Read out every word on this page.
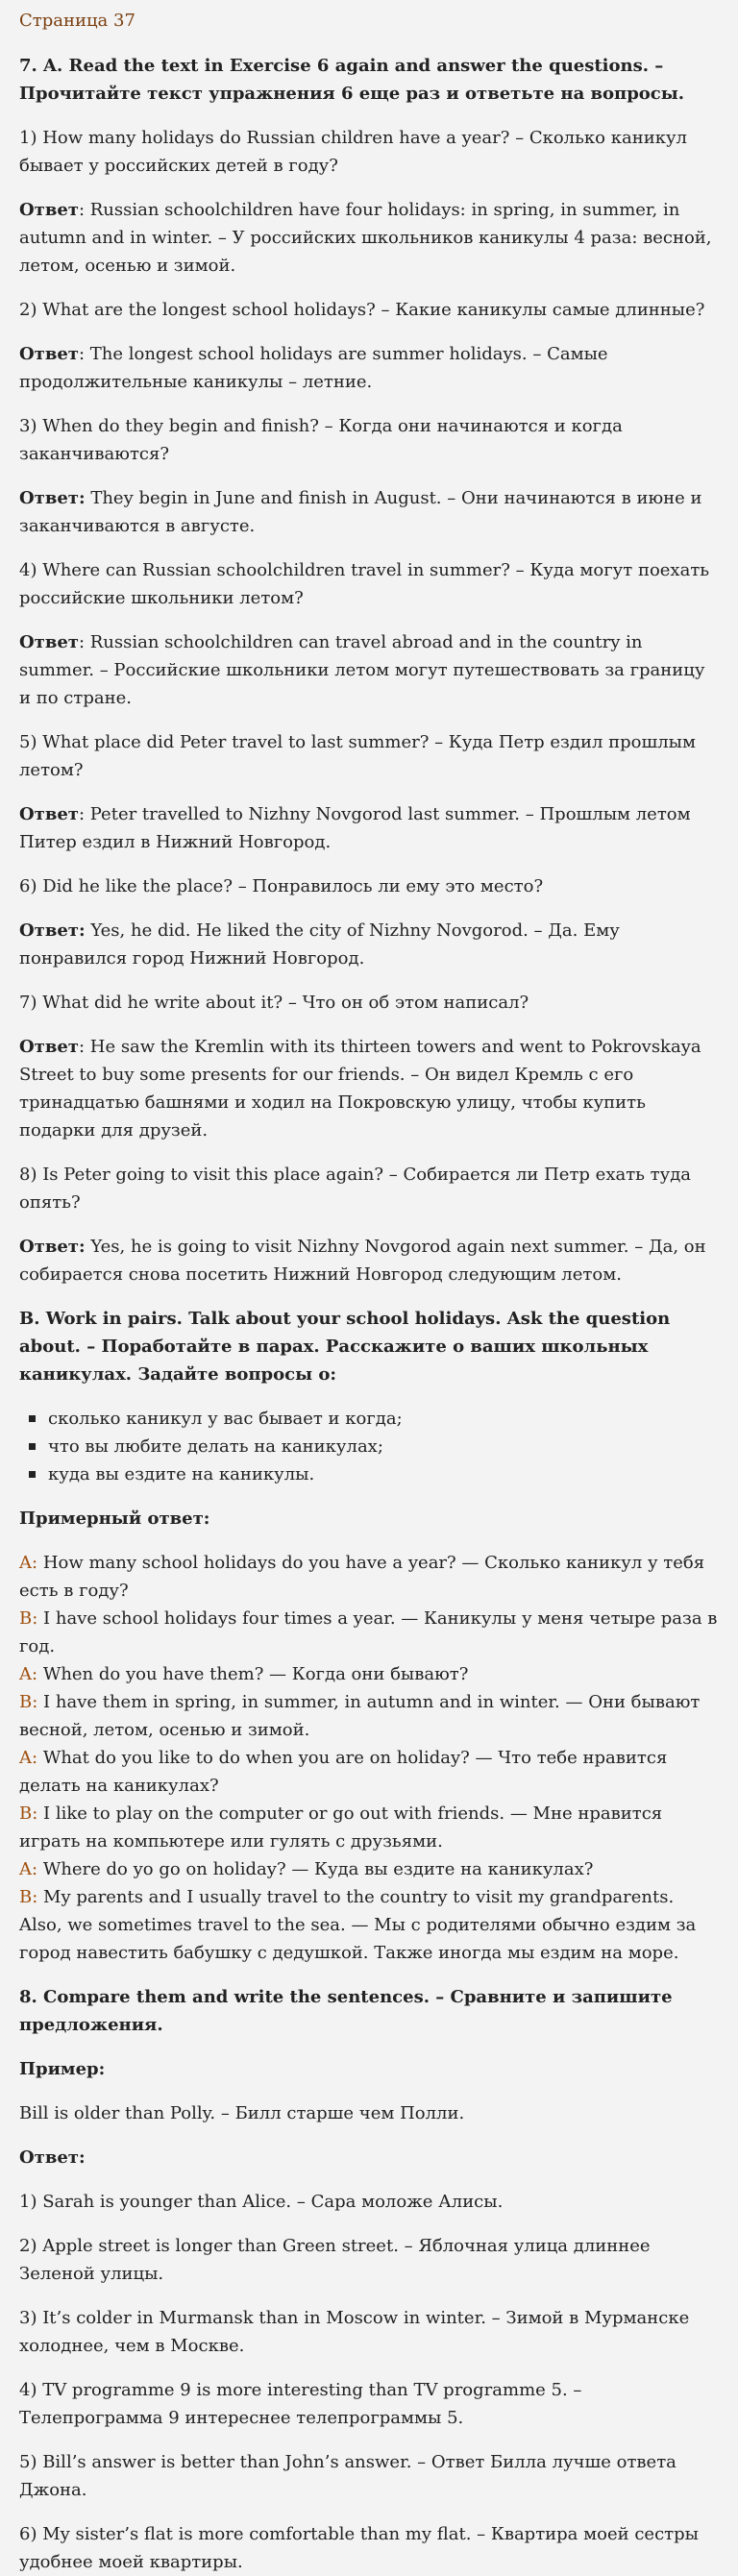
Страница 37
7. A. Read the text in Exercise 6 again and answer the questions. – Прочитайте текст упражнения 6 еще раз и ответьте на вопросы.

1) How many holidays do Russian children have a year? – Сколько каникул бывает у российских детей в году?

Ответ: Russian schoolchildren have four holidays: in spring, in summer, in autumn and in winter. – У российских школьников каникулы 4 раза: весной, летом, осенью и зимой.

2) What are the longest school holidays? – Какие каникулы самые длинные?

Ответ: The longest school holidays are summer holidays. – Самые продолжительные каникулы – летние.

3) When do they begin and finish? – Когда они начинаются и когда заканчиваются?

Ответ: They begin in June and finish in August. – Они начинаются в июне и заканчиваются в августе.

4) Where can Russian schoolchildren travel in summer? – Куда могут поехать российские школьники летом?

Ответ: Russian schoolchildren can travel abroad and in the country in summer. – Российские школьники летом могут путешествовать за границу и по стране.

5) What place did Peter travel to last summer? – Куда Петр ездил прошлым летом?

Ответ: Peter travelled to Nizhny Novgorod last summer. – Прошлым летом Питер ездил в Нижний Новгород.

6) Did he like the place? – Понравилось ли ему это место?

Ответ: Yes, he did. He liked the city of Nizhny Novgorod. – Да. Ему понравился город Нижний Новгород.

7) What did he write about it? – Что он об этом написал?

Ответ: He saw the Kremlin with its thirteen towers and went to Pokrovskaya Street to buy some presents for our friends. – Он видел Кремль с его тринадцатью башнями и ходил на Покровскую улицу, чтобы купить подарки для друзей.

8) Is Peter going to visit this place again? – Собирается ли Петр ехать туда опять?

Ответ: Yes, he is going to visit Nizhny Novgorod again next summer. – Да, он собирается снова посетить Нижний Новгород следующим летом.

B. Work in pairs. Talk about your school holidays. Ask the question about. – Поработайте в парах. Расскажите о ваших школьных каникулах. Задайте вопросы о:
сколько каникул у вас бывает и когда;
что вы любите делать на каникулах;
куда вы ездите на каникулы.
Примерный ответ:

A: How many school holidays do you have a year? — Сколько каникул у тебя есть в году?

B: I have school holidays four times a year. — Каникулы у меня четыре раза в год.

A: When do you have them? — Когда они бывают?

B: I have them in spring, in summer, in autumn and in winter. — Они бывают весной, летом, осенью и зимой.

A: What do you like to do when you are on holiday? — Что тебе нравится делать на каникулах?

B: I like to play on the computer or go out with friends. — Мне нравится играть на компьютере или гулять с друзьями.

A: Where do yo go on holiday? — Куда вы ездите на каникулах?

B: My parents and I usually travel to the country to visit my grandparents. Also, we sometimes travel to the sea. — Мы с родителями обычно ездим за город навестить бабушку с дедушкой. Также иногда мы ездим на море.

8. Compare them and write the sentences. – Сравните и запишите предложения.
Пример:

Bill is older than Polly. – Билл старше чем Полли.

Ответ:

1) Sarah is younger than Alice. – Сара моложе Алисы.

2) Apple street is longer than Green street. – Яблочная улица длиннее Зеленой улицы.

3) It’s colder in Murmansk than in Moscow in winter. – Зимой в Мурманске холоднее, чем в Москве.

4) TV programme 9 is more interesting than TV programme 5. – Телепрограмма 9 интереснее телепрограммы 5.

5) Bill’s answer is better than John’s answer. – Ответ Билла лучше ответа Джона.

6) My sister’s flat is more comfortable than my flat. – Квартира моей сестры удобнее моей квартиры.
